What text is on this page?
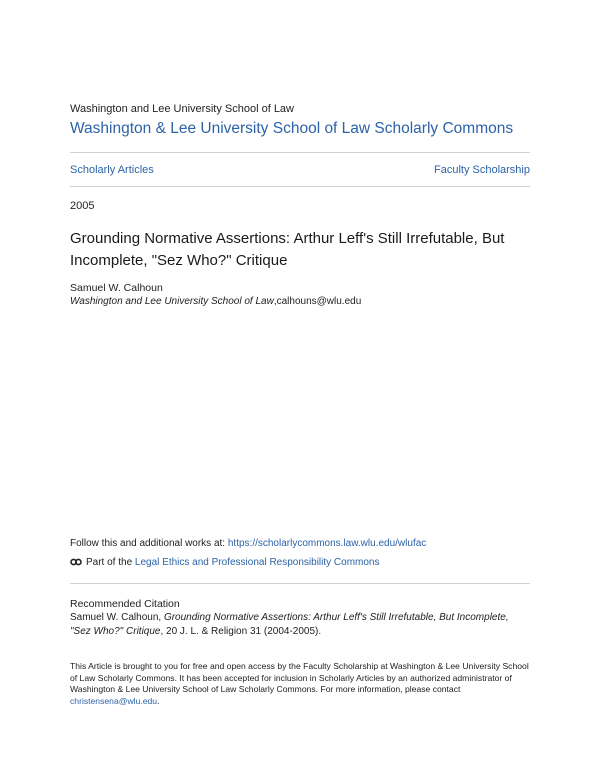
Washington and Lee University School of Law
Washington & Lee University School of Law Scholarly Commons
Scholarly Articles	Faculty Scholarship
2005
Grounding Normative Assertions: Arthur Leff's Still Irrefutable, But Incomplete, "Sez Who?" Critique
Samuel W. Calhoun
Washington and Lee University School of Law,calhouns@wlu.edu
Follow this and additional works at: https://scholarlycommons.law.wlu.edu/wlufac
Part of the Legal Ethics and Professional Responsibility Commons
Recommended Citation
Samuel W. Calhoun, Grounding Normative Assertions: Arthur Leff's Still Irrefutable, But Incomplete, "Sez Who?" Critique, 20 J. L. & Religion 31 (2004-2005).
This Article is brought to you for free and open access by the Faculty Scholarship at Washington & Lee University School of Law Scholarly Commons. It has been accepted for inclusion in Scholarly Articles by an authorized administrator of Washington & Lee University School of Law Scholarly Commons. For more information, please contact christensena@wlu.edu.
